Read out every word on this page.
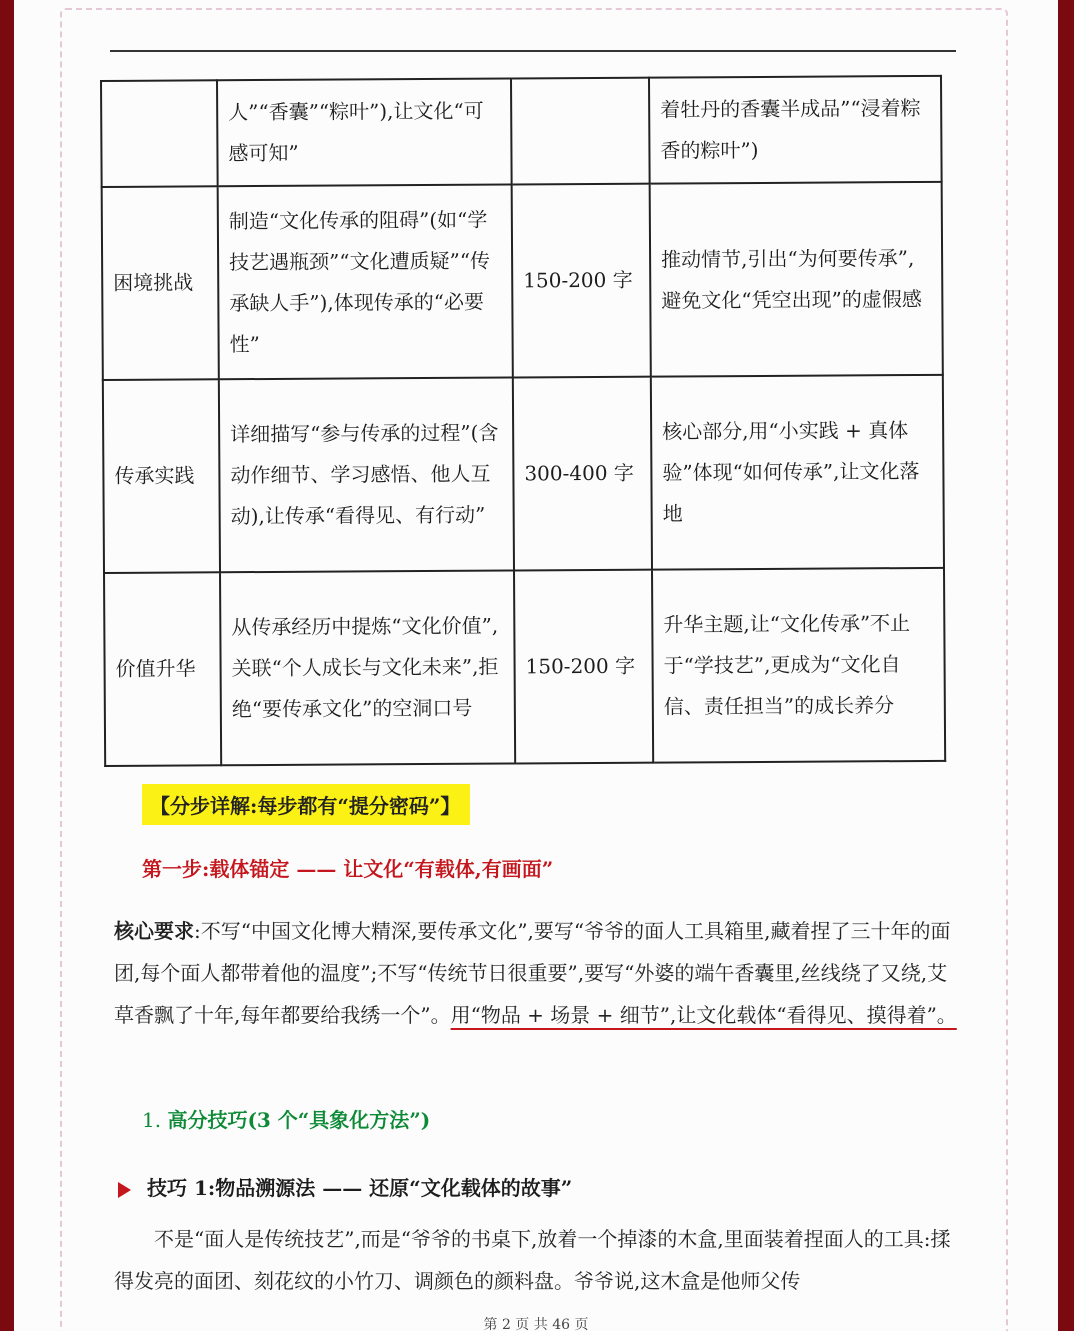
	人”“香囊”“粽叶”),让文化“可感可知”		着牡丹的香囊半成品”“浸着粽香的粽叶”)
困境挑战	制造“文化传承的阻碍”(如“学技艺遇瓶颈”“文化遭质疑”“传承缺人手”),体现传承的“必要性”	150-200 字	推动情节,引出“为何要传承”,避免文化“凭空出现”的虚假感
传承实践	详细描写“参与传承的过程”(含动作细节、学习感悟、他人互动),让传承“看得见、有行动”	300-400 字	核心部分,用“小实践 + 真体验”体现“如何传承”,让文化落地
价值升华	从传承经历中提炼“文化价值”,关联“个人成长与文化未来”,拒绝“要传承文化”的空洞口号	150-200 字	升华主题,让“文化传承”不止于“学技艺”,更成为“文化自信、责任担当”的成长养分
【分步详解:每步都有“提分密码”】
第一步:载体锚定 —— 让文化“有载体,有画面”
核心要求:不写“中国文化博大精深,要传承文化”,要写“爷爷的面人工具箱里,藏着捏了三十年的面团,每个面人都带着他的温度”;不写“传统节日很重要”,要写“外婆的端午香囊里,丝线绕了又绕,艾草香飘了十年,每年都要给我绣一个”。用“物品 + 场景 + 细节”,让文化载体“看得见、摸得着”。
1. 高分技巧(3 个“具象化方法”)
技巧 1:物品溯源法 —— 还原“文化载体的故事”
不是“面人是传统技艺”,而是“爷爷的书桌下,放着一个掉漆的木盒,里面装着捏面人的工具:揉得发亮的面团、刻花纹的小竹刀、调颜色的颜料盘。爷爷说,这木盒是他师父传
第 2 页 共 46 页
